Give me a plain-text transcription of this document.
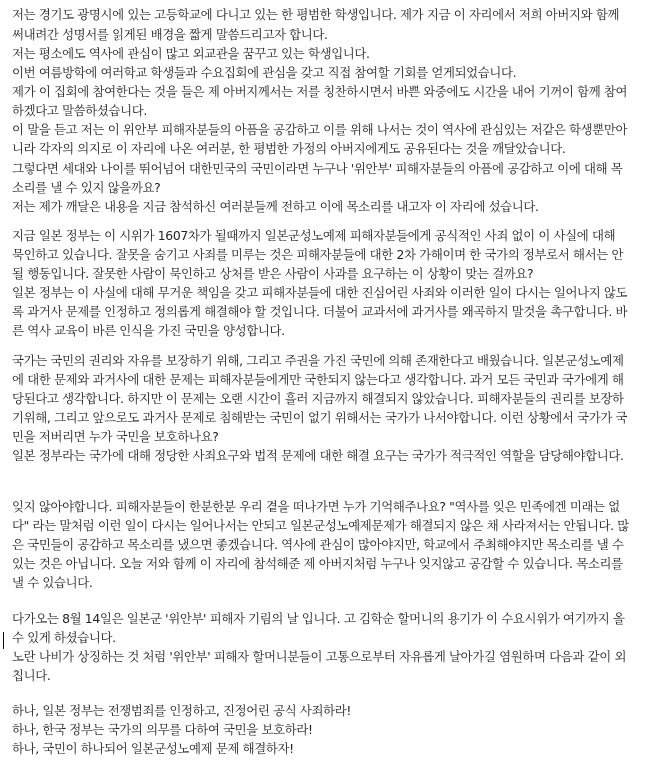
저는 경기도 광명시에 있는 고등학교에 다니고 있는 한 평범한 학생입니다. 제가 지금 이 자리에서 저희 아버지와 함께
써내려간 성명서를 읽게된 배경을 짧게 말씀드리고자 합니다.
저는 평소에도 역사에 관심이 많고 외교관을 꿈꾸고 있는 학생입니다.
이번 여름방학에 여러학교 학생들과 수요집회에 관심을 갖고 직접 참여할 기회를 얻게되었습니다.
제가 이 집회에 참여한다는 것을 들은 제 아버지께서는 저를 칭찬하시면서 바쁜 와중에도 시간을 내어 기꺼이 함께 참여
하겠다고 말씀하셨습니다.
이 말을 듣고 저는 이 위안부 피해자분들의 아픔을 공감하고 이를 위해 나서는 것이 역사에 관심있는 저같은 학생뿐만아
니라 각자의 의지로 이 자리에 나온 여러분, 한 평범한 가정의 아버지에게도 공유된다는 것을 깨달았습니다.
그렇다면 세대와 나이를 뛰어넘어 대한민국의 국민이라면 누구나 '위안부' 피해자분들의 아픔에 공감하고 이에 대해 목
소리를 낼 수 있지 않을까요?
저는 제가 깨달은 내용을 지금 참석하신 여러분들께 전하고 이에 목소리를 내고자 이 자리에 섰습니다.
지금 일본 정부는 이 시위가 1607차가 될때까지 일본군성노예제 피해자분들에게 공식적인 사죄 없이 이 사실에 대해
묵인하고 있습니다. 잘못을 숨기고 사죄를 미루는 것은 피해자분들에 대한 2차 가해이며 한 국가의 정부로서 해서는 안
될 행동입니다. 잘못한 사람이 묵인하고 상처를 받은 사람이 사과를 요구하는 이 상황이 맞는 걸까요?
일본 정부는 이 사실에 대해 무거운 책임을 갖고 피해자분들에 대한 진심어린 사죄와 이러한 일이 다시는 일어나지 않도
록 과거사 문제를 인정하고 정의롭게 해결해야 할 것입니다. 더불어 교과서에 과거사를 왜곡하지 말것을 촉구합니다. 바
른 역사 교육이 바른 인식을 가진 국민을 양성합니다.
국가는 국민의 권리와 자유를 보장하기 위해, 그리고 주권을 가진 국민에 의해 존재한다고 배웠습니다. 일본군성노예제
에 대한 문제와 과거사에 대한 문제는 피해자분들에게만 국한되지 않는다고 생각합니다. 과거 모든 국민과 국가에게 해
당된다고 생각합니다. 하지만 이 문제는 오랜 시간이 흘러 지금까지 해결되지 않았습니다. 피해자분들의 권리를 보장하
기위해, 그리고 앞으로도 과거사 문제로 침해받는 국민이 없기 위해서는 국가가 나서야합니다. 이런 상황에서 국가가 국
민을 저버리면 누가 국민을 보호하나요?
일본 정부라는 국가에 대해 정당한 사죄요구와 법적 문제에 대한 해결 요구는 국가가 적극적인 역할을 담당해야합니다.
잊지 않아야합니다. 피해자분들이 한분한분 우리 곁을 떠나가면 누가 기억해주나요? "역사를 잊은 민족에겐 미래는 없
다" 라는 말처럼 이런 일이 다시는 일어나서는 안되고 일본군성노예제문제가 해결되지 않은 채 사라져서는 안됩니다. 많
은 국민들이 공감하고 목소리를 냈으면 좋겠습니다. 역사에 관심이 많아야지만, 학교에서 주최해야지만 목소리를 낼 수
있는 것은 아닙니다. 오늘 저와 함께 이 자리에 참석해준 제 아버지처럼 누구나 잊지않고 공감할 수 있습니다. 목소리를
낼 수 있습니다.
다가오는 8월 14일은 일본군 '위안부' 피해자 기림의 날 입니다. 고 김학순 할머니의 용기가 이 수요시위가 여기까지 올
수 있게 하셨습니다.
노란 나비가 상징하는 것 처럼 '위안부' 피해자 할머니분들이 고통으로부터 자유롭게 날아가길 염원하며 다음과 같이 외
칩니다.
하나, 일본 정부는 전쟁범죄를 인정하고, 진정어린 공식 사죄하라!
하나, 한국 정부는 국가의 의무를 다하여 국민을 보호하라!
하나, 국민이 하나되어 일본군성노예제 문제 해결하자!
